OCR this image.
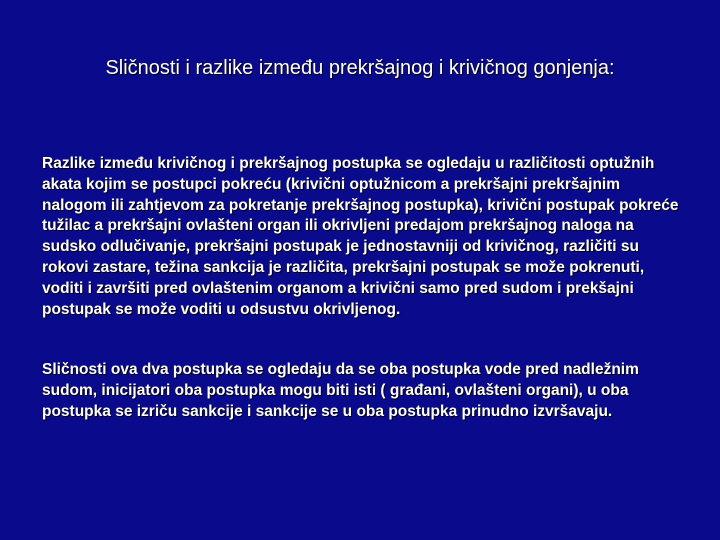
Sličnosti i razlike između prekršajnog i krivičnog gonjenja:

Razlike između krivičnog i prekršajnog postupka se ogledaju u različitosti optužnih akata kojim se postupci pokreću (krivični optužnicom a prekršajni prekršajnim nalogom ili zahtjevom za pokretanje prekršajnog postupka), krivični postupak pokreće tužilac a prekršajni ovlašteni organ ili okrivljeni predajom prekršajnog naloga na sudsko odlučivanje, prekršajni postupak je jednostavniji od krivičnog, različiti su rokovi zastare, težina sankcija je različita, prekršajni postupak se može pokrenuti, voditi i završiti pred ovlaštenim organom a krivični samo pred sudom i prekšajni postupak se može voditi u odsustvu okrivljenog.

Sličnosti ova dva postupka se ogledaju da se oba postupka vode pred nadležnim sudom, inicijatori oba postupka mogu biti isti ( građani, ovlašteni organi), u oba postupka se izriču sankcije i sankcije se u oba postupka prinudno izvršavaju.
